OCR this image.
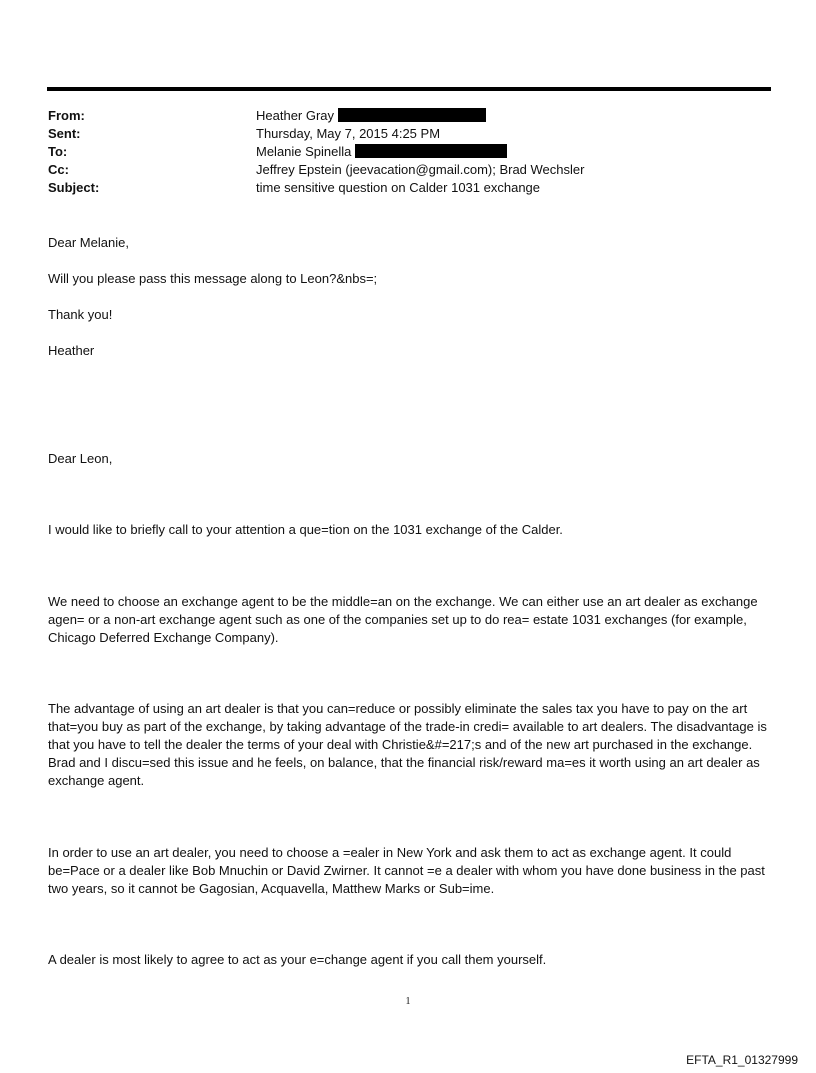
From:	Heather Gray
Sent:	Thursday, May 7, 2015 4:25 PM
To:	Melanie Spinella
Cc:	Jeffrey Epstein (jeevacation@gmail.com); Brad Wechsler
Subject:	time sensitive question on Calder 1031 exchange
Dear Melanie,
Will you please pass this message along to Leon?&nbs=;
Thank you!
Heather
Dear Leon,
I would like to briefly call to your attention a que=tion on the 1031 exchange of the Calder.
We need to choose an exchange agent to be the middle=an on the exchange. We can either use an art dealer as exchange agen= or a non-art exchange agent such as one of the companies set up to do rea= estate 1031 exchanges (for example, Chicago Deferred Exchange Company).
The advantage of using an art dealer is that you can=reduce or possibly eliminate the sales tax you have to pay on the art that=you buy as part of the exchange, by taking advantage of the trade-in credi= available to art dealers. The disadvantage is that you have to tell the dealer the terms of your deal with Christie&#=217;s and of the new art purchased in the exchange. Brad and I discu=sed this issue and he feels, on balance, that the financial risk/reward ma=es it worth using an art dealer as exchange agent.
In order to use an art dealer, you need to choose a =ealer in New York and ask them to act as exchange agent. It could be=Pace or a dealer like Bob Mnuchin or David Zwirner. It cannot =e a dealer with whom you have done business in the past two years, so it cannot be Gagosian, Acquavella, Matthew Marks or Sub=ime.
A dealer is most likely to agree to act as your e=change agent if you call them yourself.
1
EFTA_R1_01327999
